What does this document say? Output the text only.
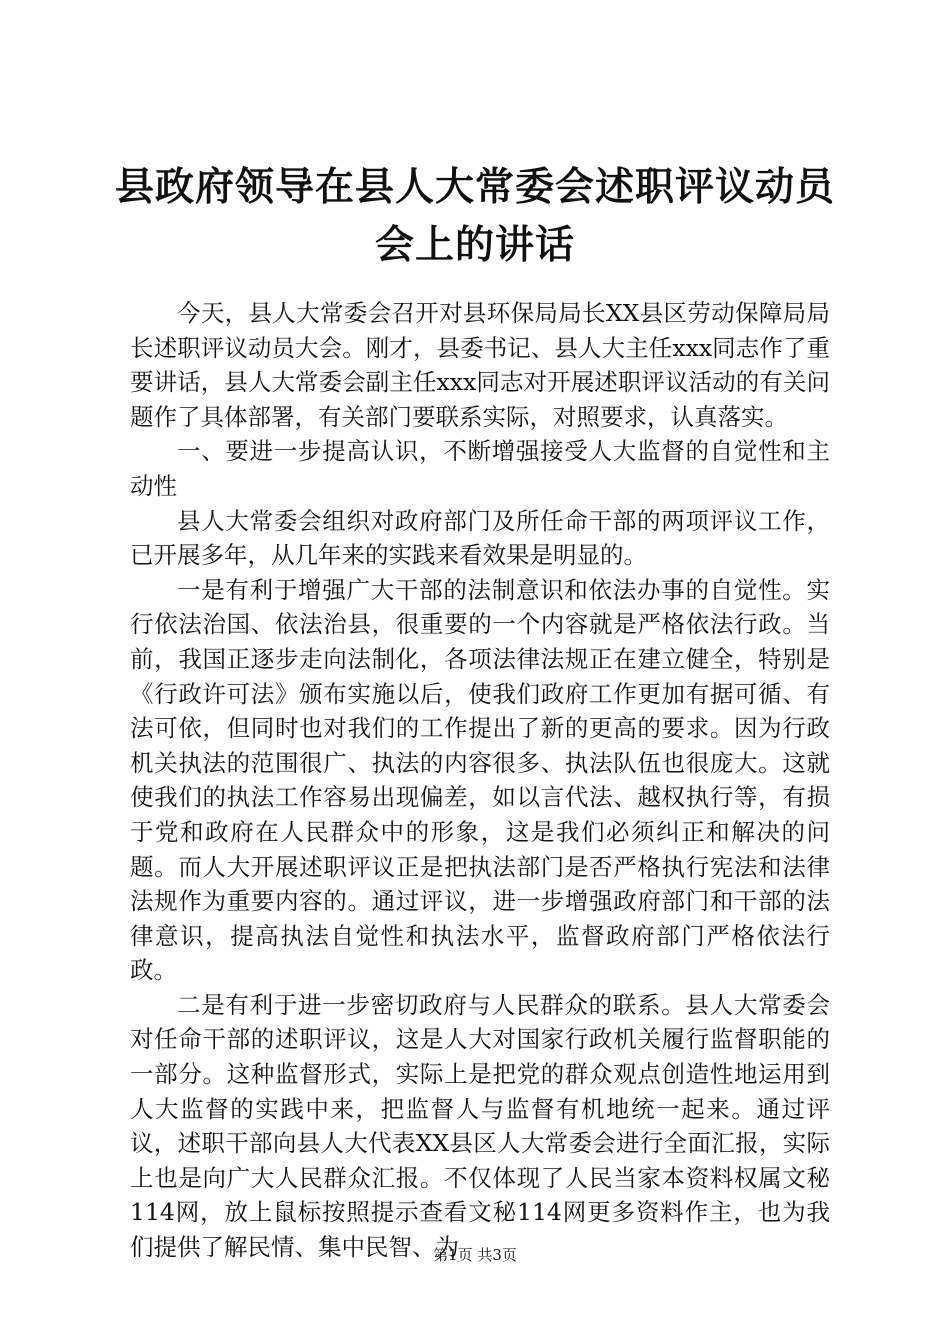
县政府领导在县人大常委会述职评议动员会上的讲话

今天，县人大常委会召开对县环保局局长XX县区劳动保障局局长述职评议动员大会。刚才，县委书记、县人大主任xxx同志作了重要讲话，县人大常委会副主任xxx同志对开展述职评议活动的有关问题作了具体部署，有关部门要联系实际，对照要求，认真落实。

一、要进一步提高认识，不断增强接受人大监督的自觉性和主动性

县人大常委会组织对政府部门及所任命干部的两项评议工作，已开展多年，从几年来的实践来看效果是明显的。

一是有利于增强广大干部的法制意识和依法办事的自觉性。实行依法治国、依法治县，很重要的一个内容就是严格依法行政。当前，我国正逐步走向法制化，各项法律法规正在建立健全，特别是《行政许可法》颁布实施以后，使我们政府工作更加有据可循、有法可依，但同时也对我们的工作提出了新的更高的要求。因为行政机关执法的范围很广、执法的内容很多、执法队伍也很庞大。这就使我们的执法工作容易出现偏差，如以言代法、越权执行等，有损于党和政府在人民群众中的形象，这是我们必须纠正和解决的问题。而人大开展述职评议正是把执法部门是否严格执行宪法和法律法规作为重要内容的。通过评议，进一步增强政府部门和干部的法律意识，提高执法自觉性和执法水平，监督政府部门严格依法行政。

二是有利于进一步密切政府与人民群众的联系。县人大常委会对任命干部的述职评议，这是人大对国家行政机关履行监督职能的一部分。这种监督形式，实际上是把党的群众观点创造性地运用到人大监督的实践中来，把监督人与监督有机地统一起来。通过评议，述职干部向县人大代表XX县区人大常委会进行全面汇报，实际上也是向广大人民群众汇报。不仅体现了人民当家本资料权属文秘114网，放上鼠标按照提示查看文秘114网更多资料作主，也为我们提供了解民情、集中民智、为

第1页 共3页
